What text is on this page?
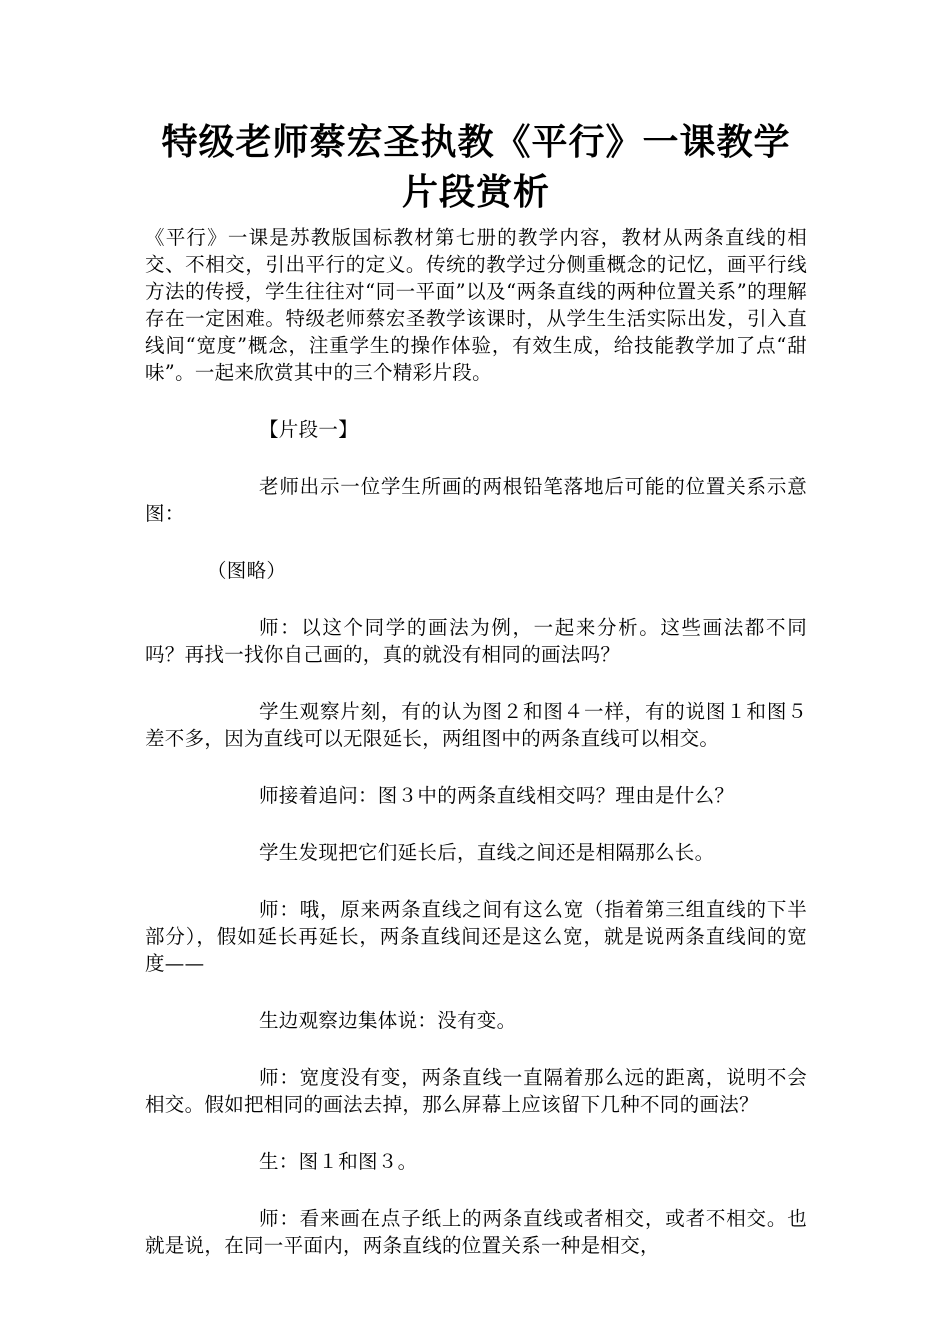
特级老师蔡宏圣执教《平行》一课教学片段赏析

《平行》一课是苏教版国标教材第七册的教学内容，教材从两条直线的相交、不相交，引出平行的定义。传统的教学过分侧重概念的记忆，画平行线方法的传授，学生往往对“同一平面”以及“两条直线的两种位置关系”的理解存在一定困难。特级老师蔡宏圣教学该课时，从学生生活实际出发，引入直线间“宽度”概念，注重学生的操作体验，有效生成，给技能教学加了点“甜味”。一起来欣赏其中的三个精彩片段。

【片段一】

老师出示一位学生所画的两根铅笔落地后可能的位置关系示意图：

（图略）

师：以这个同学的画法为例，一起来分析。这些画法都不同吗？再找一找你自己画的，真的就没有相同的画法吗？

学生观察片刻，有的认为图２和图４一样，有的说图１和图５差不多，因为直线可以无限延长，两组图中的两条直线可以相交。

师接着追问：图３中的两条直线相交吗？理由是什么？

学生发现把它们延长后，直线之间还是相隔那么长。

师：哦，原来两条直线之间有这么宽（指着第三组直线的下半部分），假如延长再延长，两条直线间还是这么宽，就是说两条直线间的宽度——

生边观察边集体说：没有变。

师：宽度没有变，两条直线一直隔着那么远的距离，说明不会相交。假如把相同的画法去掉，那么屏幕上应该留下几种不同的画法？

生：图１和图３。

师：看来画在点子纸上的两条直线或者相交，或者不相交。也就是说，在同一平面内，两条直线的位置关系一种是相交，
